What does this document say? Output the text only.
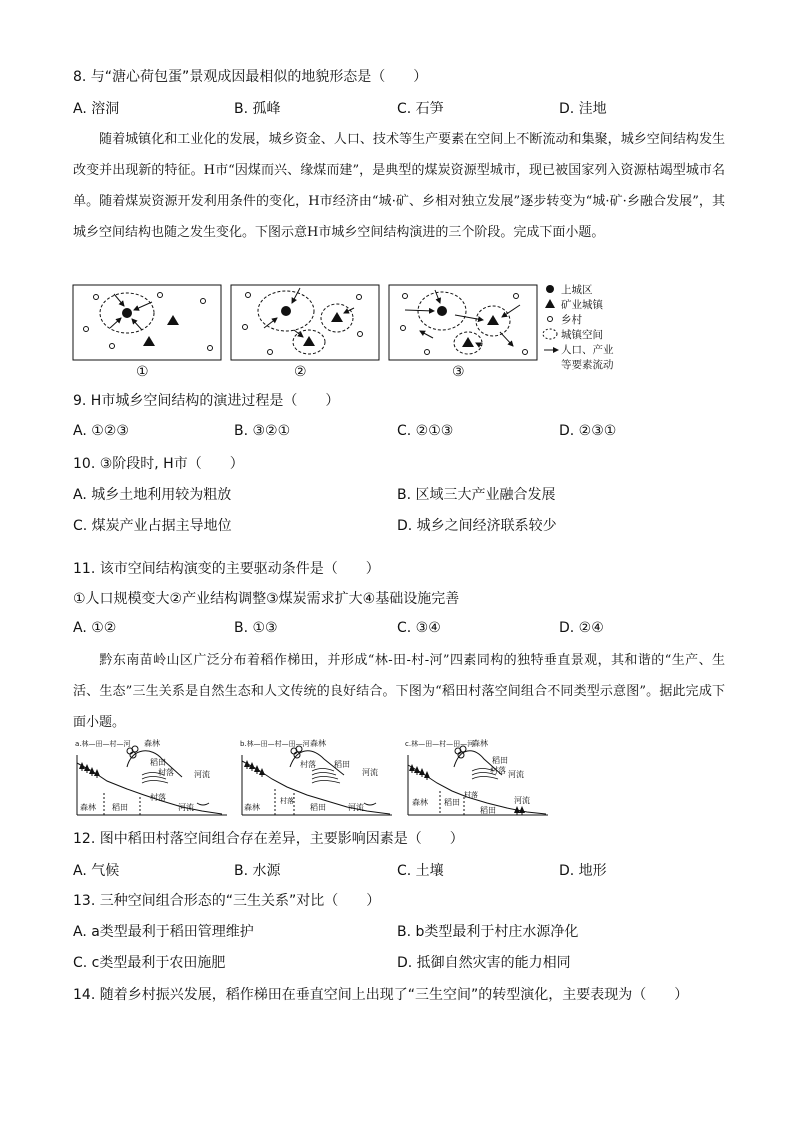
8. 与“溏心荷包蛋”景观成因最相似的地貌形态是（　　）
A. 溶洞	B. 孤峰	C. 石笋	D. 洼地

随着城镇化和工业化的发展，城乡资金、人口、技术等生产要素在空间上不断流动和集聚，城乡空间结构发生改变并出现新的特征。H市“因煤而兴、缘煤而建”，是典型的煤炭资源型城市，现已被国家列入资源枯竭型城市名单。随着煤炭资源开发利用条件的变化，H市经济由“城·矿、乡相对独立发展”逐步转变为“城·矿·乡融合发展”，其城乡空间结构也随之发生变化。下图示意H市城乡空间结构演进的三个阶段。完成下面小题。

①	②	③
上城区
矿业城镇
乡村
城镇空间
人口、产业
等要素流动
9. H市城乡空间结构的演进过程是（　　）
A. ①②③	B. ③②①	C. ②①③	D. ②③①
10. ③阶段时, H市（　　）
A. 城乡土地利用较为粗放	B. 区域三大产业融合发展
C. 煤炭产业占据主导地位	D. 城乡之间经济联系较少
11. 该市空间结构演变的主要驱动条件是（　　）
①人口规模变大②产业结构调整③煤炭需求扩大④基础设施完善
A. ①②	B. ①③	C. ③④	D. ②④

黔东南苗岭山区广泛分布着稻作梯田，并形成“林-田-村-河”四素同构的独特垂直景观，其和谐的“生产、生活、生态”三生关系是自然生态和人文传统的良好结合。下图为“稻田村落空间组合不同类型示意图”。据此完成下面小题。

a.林—田—村—河 森林
稻田
村落	河流
森林 稻田
村落
河流
b.林—田—村—田—河 森林
稻田
村落
河流
森林
村落
稻田	河流
c.林—田—村—田—河
森林
稻田
村落 河流
森林 稻田
村落
稻田
河流
12. 图中稻田村落空间组合存在差异，主要影响因素是（　　）
A. 气候	B. 水源	C. 土壤	D. 地形
13. 三种空间组合形态的“三生关系”对比（　　）
A. a类型最利于稻田管理维护	B. b类型最利于村庄水源净化
C. c类型最利于农田施肥	D. 抵御自然灾害的能力相同
14. 随着乡村振兴发展，稻作梯田在垂直空间上出现了“三生空间”的转型演化，主要表现为（　　）
